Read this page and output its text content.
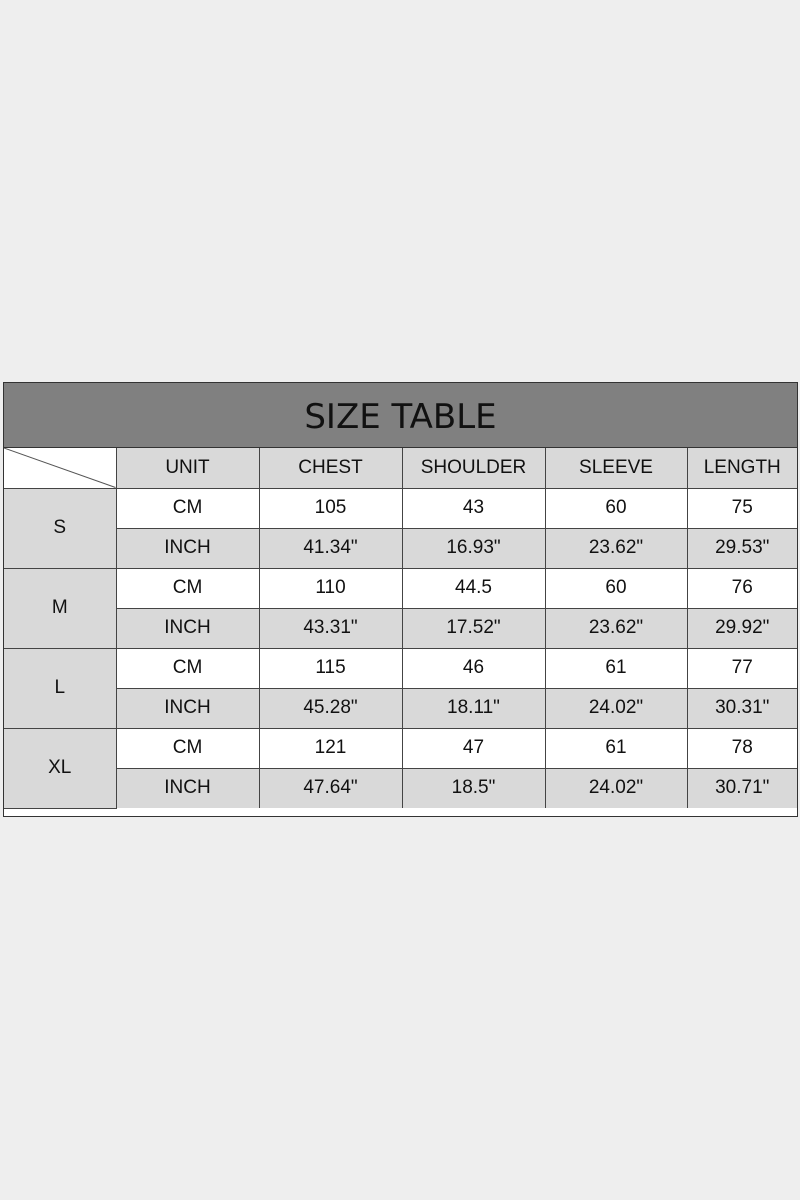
SIZE TABLE
	UNIT	CHEST	SHOULDER	SLEEVE	LENGTH
S	CM	105	43	60	75
	INCH	41.34"	16.93"	23.62"	29.53"
M	CM	110	44.5	60	76
	INCH	43.31"	17.52"	23.62"	29.92"
L	CM	115	46	61	77
	INCH	45.28"	18.11"	24.02"	30.31"
XL	CM	121	47	61	78
	INCH	47.64"	18.5"	24.02"	30.71"
